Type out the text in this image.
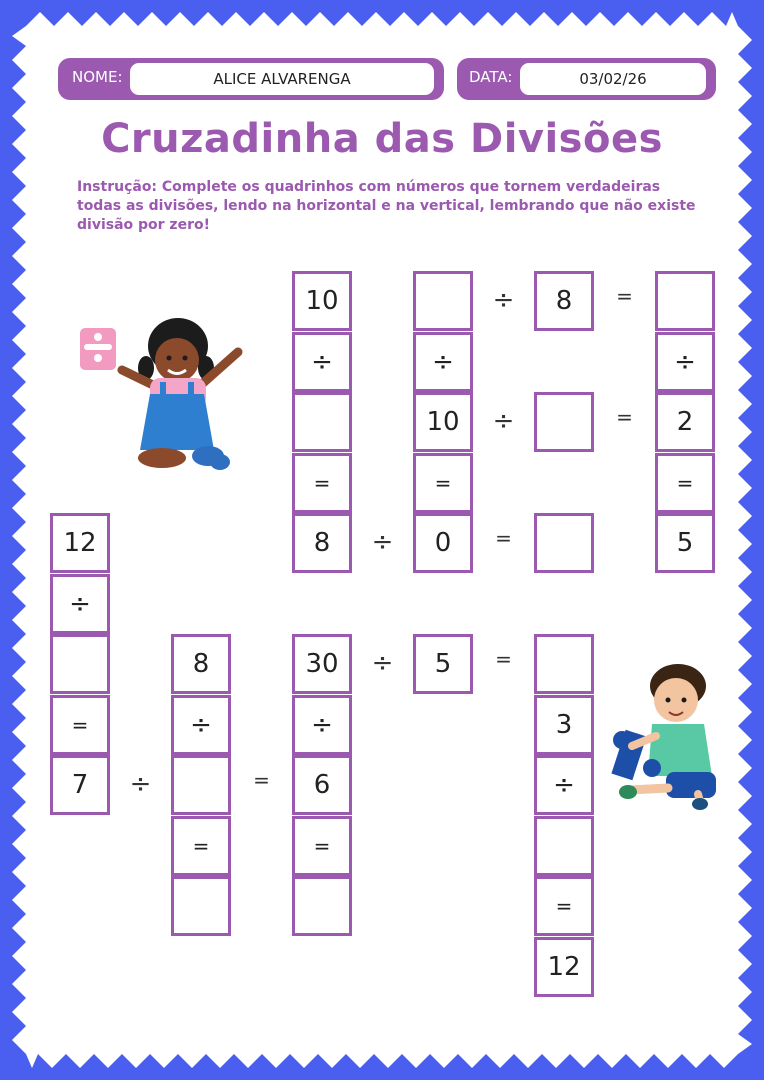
NOME:	ALICE ALVARENGA	DATA:	03/02/26
Cruzadinha das Divisões

Instrução: Complete os quadrinhos com números que tornem verdadeiras todas as divisões, lendo na horizontal e na vertical, lembrando que não existe divisão por zero!

10
÷
=
8
8
÷	÷
10	2
=	=
0	5
12
÷
=
7
8
÷
=
30
÷
6
=
5
3
÷
=
12
÷	=
÷	=
÷	=
÷	=
÷	=
